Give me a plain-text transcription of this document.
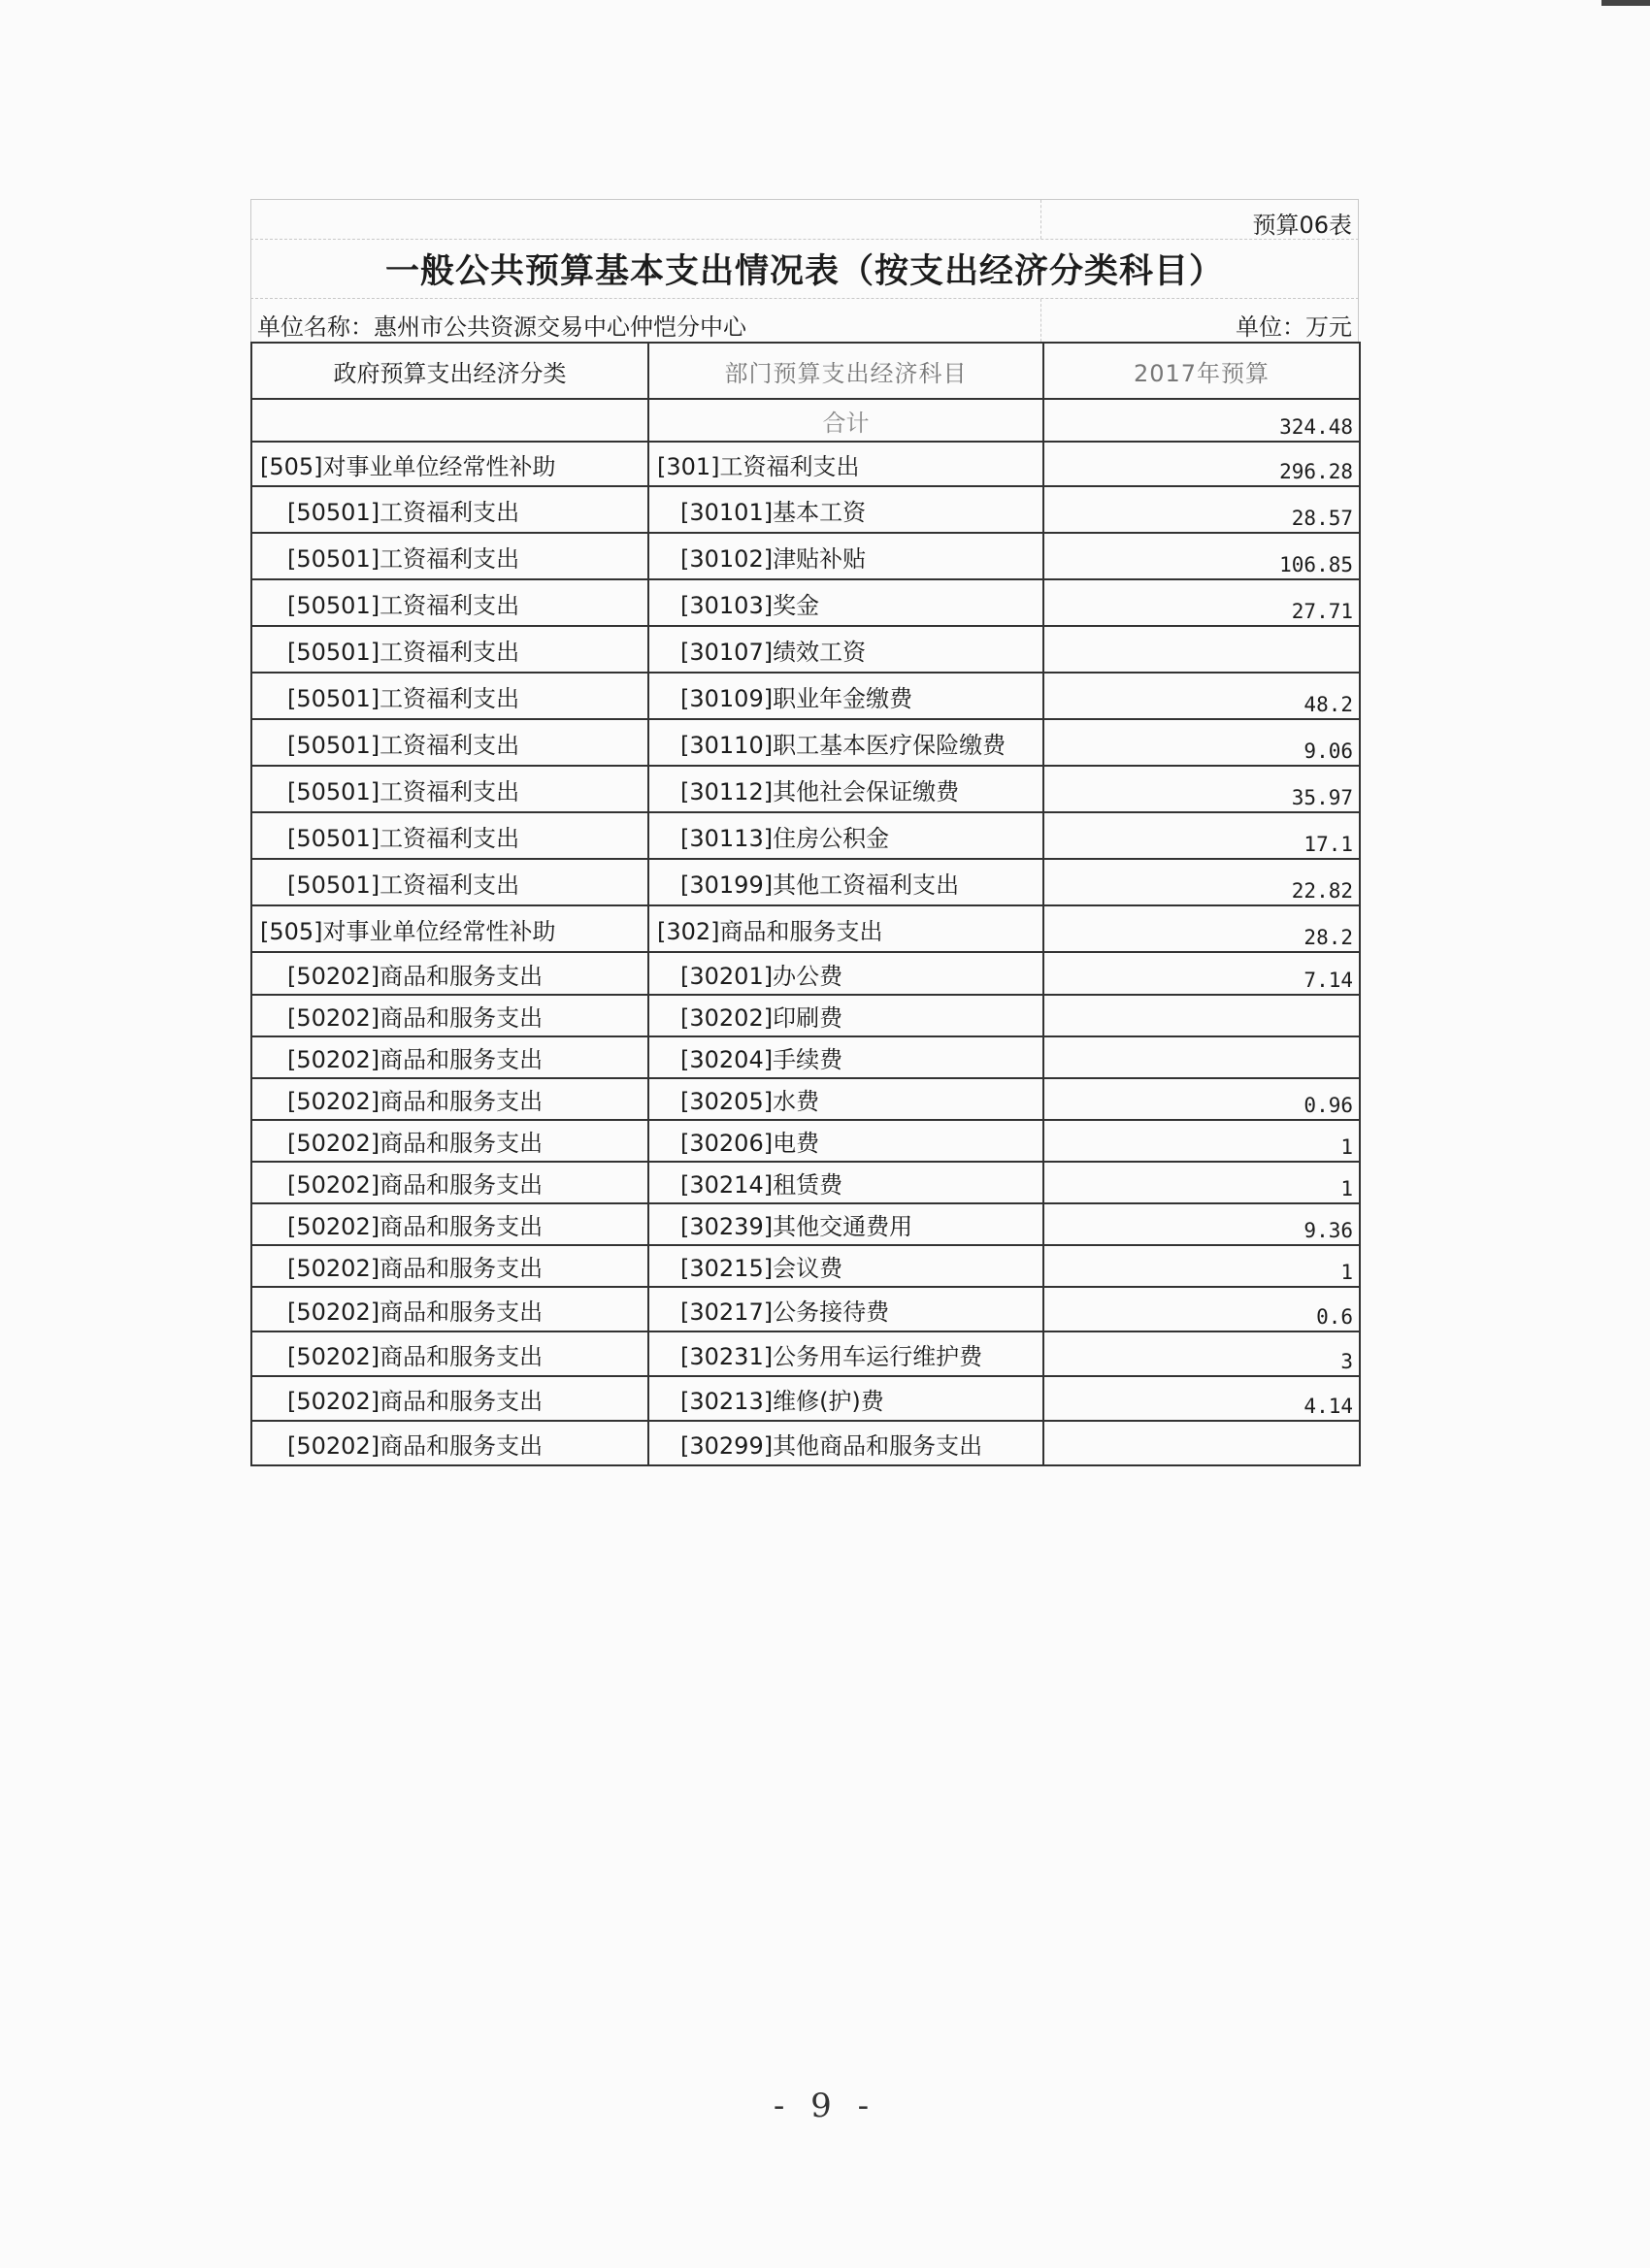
预算06表
一般公共预算基本支出情况表（按支出经济分类科目）
单位名称：惠州市公共资源交易中心仲恺分中心	单位：万元
政府预算支出经济分类	部门预算支出经济科目	2017年预算
	合计	324.48
[505]对事业单位经常性补助	[301]工资福利支出	296.28
[50501]工资福利支出	[30101]基本工资	28.57
[50501]工资福利支出	[30102]津贴补贴	106.85
[50501]工资福利支出	[30103]奖金	27.71
[50501]工资福利支出	[30107]绩效工资	
[50501]工资福利支出	[30109]职业年金缴费	48.2
[50501]工资福利支出	[30110]职工基本医疗保险缴费	9.06
[50501]工资福利支出	[30112]其他社会保证缴费	35.97
[50501]工资福利支出	[30113]住房公积金	17.1
[50501]工资福利支出	[30199]其他工资福利支出	22.82
[505]对事业单位经常性补助	[302]商品和服务支出	28.2
[50202]商品和服务支出	[30201]办公费	7.14
[50202]商品和服务支出	[30202]印刷费	
[50202]商品和服务支出	[30204]手续费	
[50202]商品和服务支出	[30205]水费	0.96
[50202]商品和服务支出	[30206]电费	1
[50202]商品和服务支出	[30214]租赁费	1
[50202]商品和服务支出	[30239]其他交通费用	9.36
[50202]商品和服务支出	[30215]会议费	1
[50202]商品和服务支出	[30217]公务接待费	0.6
[50202]商品和服务支出	[30231]公务用车运行维护费	3
[50202]商品和服务支出	[30213]维修(护)费	4.14
[50202]商品和服务支出	[30299]其他商品和服务支出	
- 9 -
